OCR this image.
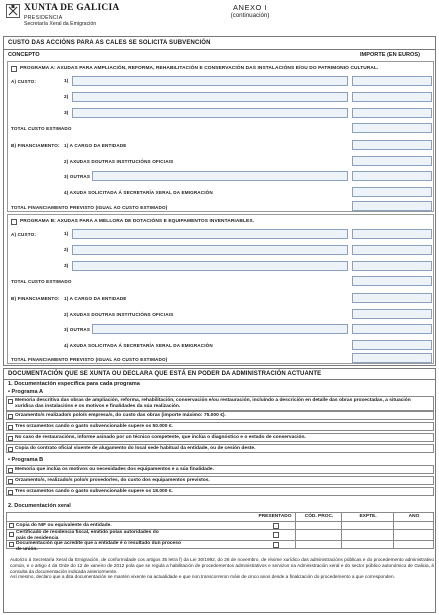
XUNTA DE GALICIA
PRESIDENCIA
Secretaría Xeral da Emigración
ANEXO I
(continuación)
CUSTO DAS ACCIÓNS PARA AS CALES SE SOLICITA SUBVENCIÓN
CONCEPTO	IMPORTE (EN EUROS)
PROGRAMA A: AXUDAS PARA AMPLIACIÓN, REFORMA, REHABILITACIÓN E CONSERVACIÓN DAS INSTALACIÓNS E/OU DO PATRIMONIO CULTURAL.
A) CUSTO:	1)
2)
3)
TOTAL CUSTO ESTIMADO
B) FINANCIAMENTO: 1) A CARGO DA ENTIDADE
2) AXUDAS DOUTRAS INSTITUCIÓNS OFICIAIS
3) OUTRAS
4) AXUDA SOLICITADA Á SECRETARÍA XERAL DA EMIGRACIÓN
TOTAL FINANCIAMENTO PREVISTO (IGUAL AO CUSTO ESTIMADO)
PROGRAMA B: AXUDAS PARA A MELLORA DE DOTACIÓNS E EQUIPAMENTOS INVENTARIABLES.
A) CUSTO:	1)
2)
3)
TOTAL CUSTO ESTIMADO
B) FINANCIAMENTO: 1) A CARGO DA ENTIDADE
2) AXUDAS DOUTRAS INSTITUCIÓNS OFICIAIS
3) OUTRAS
4) AXUDA SOLICITADA Á SECRETARÍA XERAL DA EMIGRACIÓN
TOTAL FINANCIAMENTO PREVISTO (IGUAL AO CUSTO ESTIMADO)
DOCUMENTACIÓN QUE SE XUNTA OU DECLARA QUE ESTÁ EN PODER DA ADMINISTRACIÓN ACTUANTE
1. Documentación específica para cada programa
• Programa A
Memoria descritiva das obras de ampliación, reforma, rehabilitación, conservación e/ou restauración, incluíndo a descrición en detalle das obras proxectadas, a situación xurídica das instalacións e os motivos e finalidades da súa realización.
Orzamento/s realizado/s polo/s empresa/s, do custo das obras (importe máximo: 75.000 €).
Tres orzamentos cando o gasto subvencionable supere os 50.000 €.
No caso de restauracións, informe asinado por un técnico competente, que inclúa o diagnóstico e o estado de conservación.
Copia do contrato oficial vixente de alugamento do local sede habitual da entidade, ou de cesión deste.
• Programa B
Memoria que inclúa os motivos ou necesidades dos equipamentos e a súa finalidade.
Orzamento/s, realizado/s polo/s provedor/es, do custo dos equipamentos previstos.
Tres orzamentos cando o gasto subvencionable supere os 18.000 €.
2. Documentación xeral
PRESENTADO	CÓD. PROC.	EXPTE.	ANO
Copia do NIF ou equivalente da entidade.
Certificado de residencia fiscal, emitido polas autoridades do país de residencia
Documentación que acredite que a entidade é o resultado dun proceso de unión.

Autorizo á Secretaría Xeral da Emigración, de conformidade cos artigos 35 letra f) da Lei 30/1992, do 26 de novembro, de réxime xurídico das administracións públicas e do procedemento administrativo común, e o artigo 4 da Orde do 12 de xaneiro de 2012 pola que se regula a habilitación de procedementos administrativos e servizos na Administración xeral e do sector público autonómico de Galicia, á consulta da documentación indicada anteriormente.

Así mesmo, declaro que a dita documentación se mantén vixente na actualidade e que non transcorreron máis de cinco anos desde a finalización do procedemento a que corresponden.
